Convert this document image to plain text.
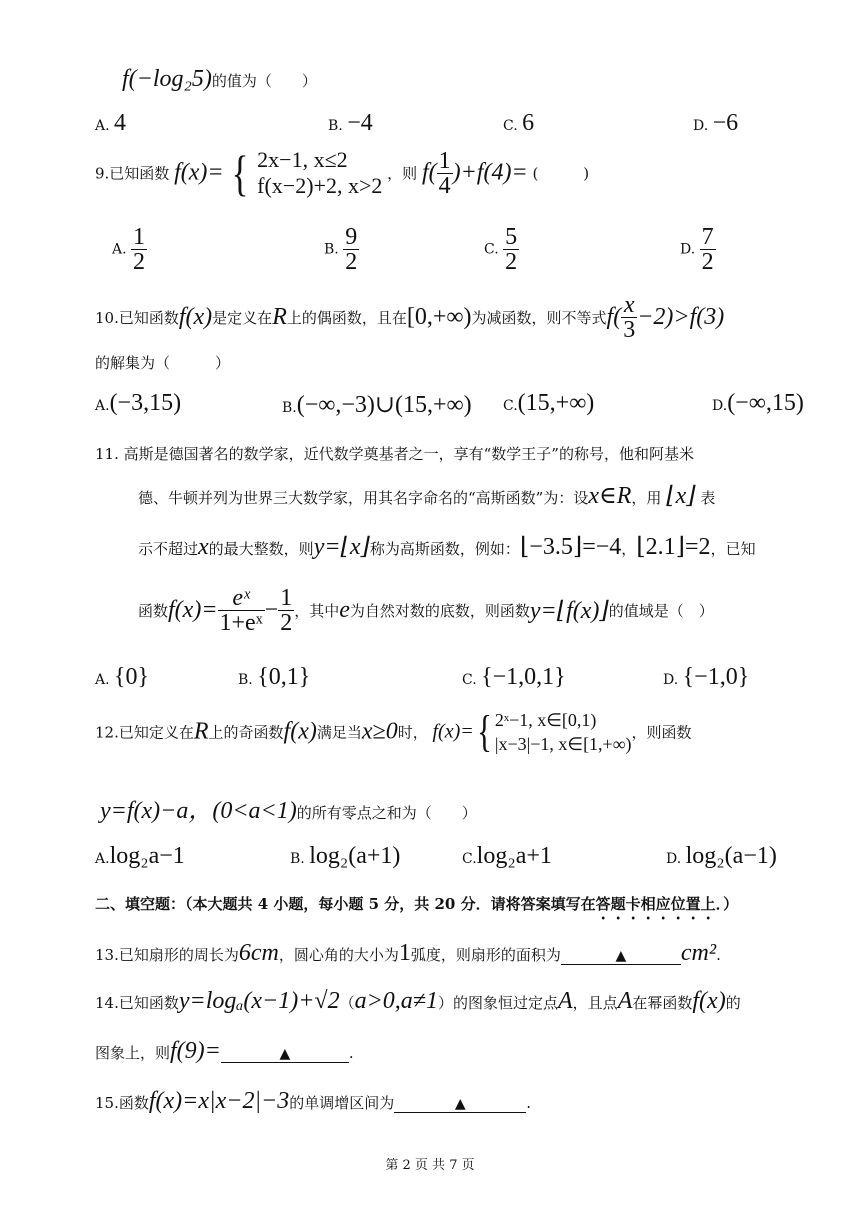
f(−log₂5)的值为（　　）
A. 4	B. −4	C. 6	D. −6
9.已知函数 f(x)= { 2x−1, x≤2
f(x−2)+2, x>2 ，则 $f( \frac{1}{4} )+f(4)=$ (　　　)
A. $\frac{1}{2}$	B. $\frac{9}{2}$	C. $\frac{5}{2}$	D. $\frac{7}{2}$
10.已知函数f(x)是定义在R上的偶函数，且在[0,+∞)为减函数，则不等式$f( \frac{x}{3} -2)>f(3)$
的解集为（　　　）
A.(−3,15)	B.(−∞,−3)∪(15,+∞) C.(15,+∞)	D.(−∞,15)
11. 高斯是德国著名的数学家，近代数学奠基者之一，享有“数学王子”的称号，他和阿基米
德、牛顿并列为世界三大数学家，用其名字命名的“高斯函数”为：设x∈R，用 ⌊x⌋ 表
示不超过x的最大整数，则y=⌊x⌋称为高斯函数，例如：⌊−3.5⌋=−4，⌊2.1⌋=2，已知
函数$f(x)= \frac{\text{eˣ}}{\text{1+eˣ}} - \frac{1}{2}$ ，其中e为自然对数的底数，则函数y=⌊f(x)⌋的值域是（　）
A. {0}	B. {0,1}	C. {−1,0,1}	D. {−1,0}
12.已知定义在R上的奇函数f(x)满足当x≥0时， f(x)={ 2ˣ−1, x∈[0,1)
|x−3|−1, x∈[1,+∞)
，则函数
y=f(x)−a，(0<a<1)的所有零点之和为（　　）
A.log₂a−1	B. log₂(a+1)	C.log₂a+1	D. log₂(a−1)
二、填空题：（本大题共 4 小题，每小题 5 分，共 20 分．请将答案填写在答题卡相应位置上．）
13.已知扇形的周长为6cm，圆心角的大小为1弧度，则扇形的面积为	▲ cm².
14.已知函数y=logₐ(x−1)+√2（a>0,a≠1）的图象恒过定点A，且点A在幂函数f(x)的
图象上，则f(9)=	▲	.
15.函数f(x)=x|x−2|−3的单调增区间为	▲	.
第 2 页 共 7 页
